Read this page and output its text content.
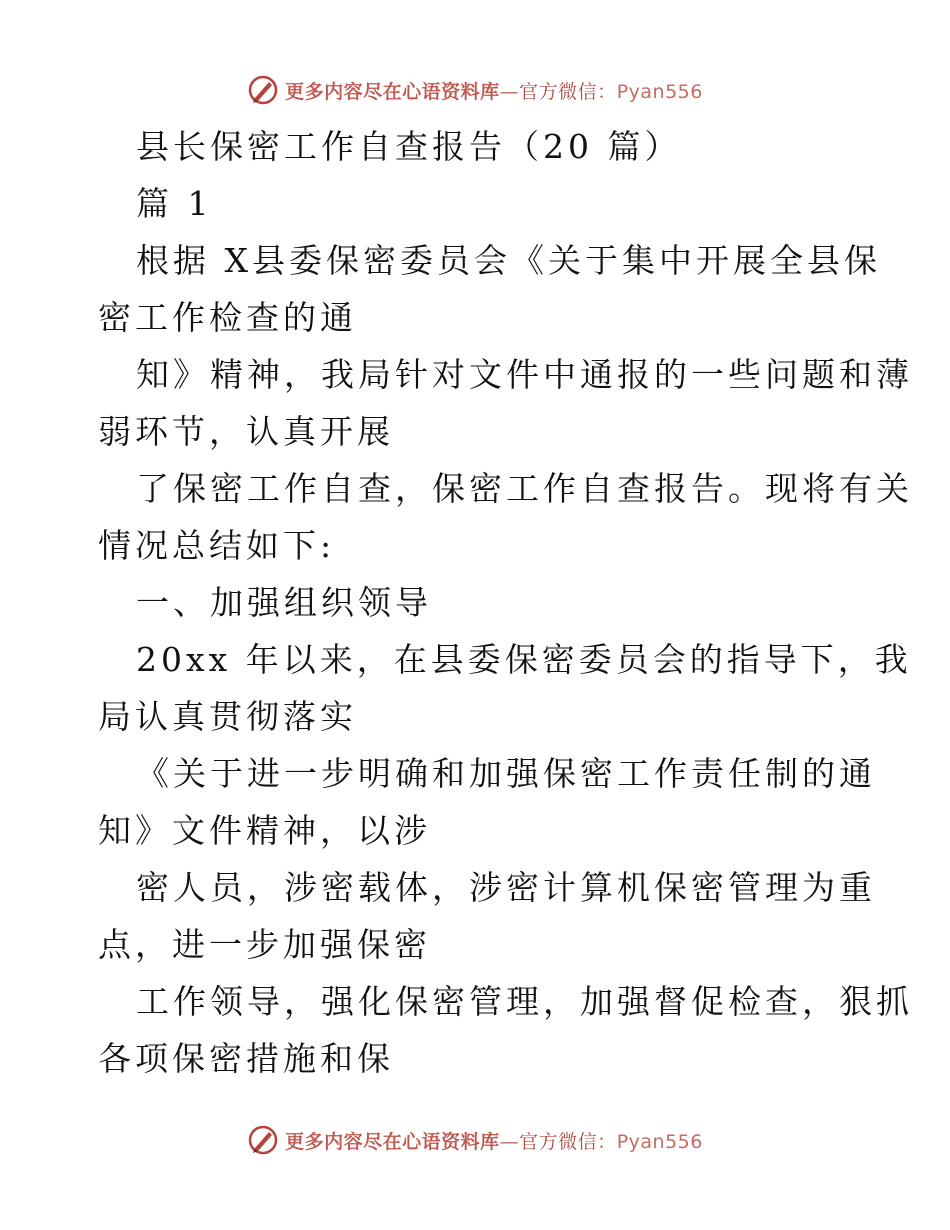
更多内容尽在心语资料库—官方微信：Pyan556
县长保密工作自查报告（20 篇）
篇 1
根据 X县委保密委员会《关于集中开展全县保
密工作检查的通
知》精神，我局针对文件中通报的一些问题和薄
弱环节，认真开展
了保密工作自查，保密工作自查报告。现将有关
情况总结如下:
一、加强组织领导
20xx 年以来，在县委保密委员会的指导下，我
局认真贯彻落实
《关于进一步明确和加强保密工作责任制的通
知》文件精神，以涉
密人员，涉密载体，涉密计算机保密管理为重
点，进一步加强保密
工作领导，强化保密管理，加强督促检查，狠抓
各项保密措施和保
更多内容尽在心语资料库—官方微信：Pyan556
